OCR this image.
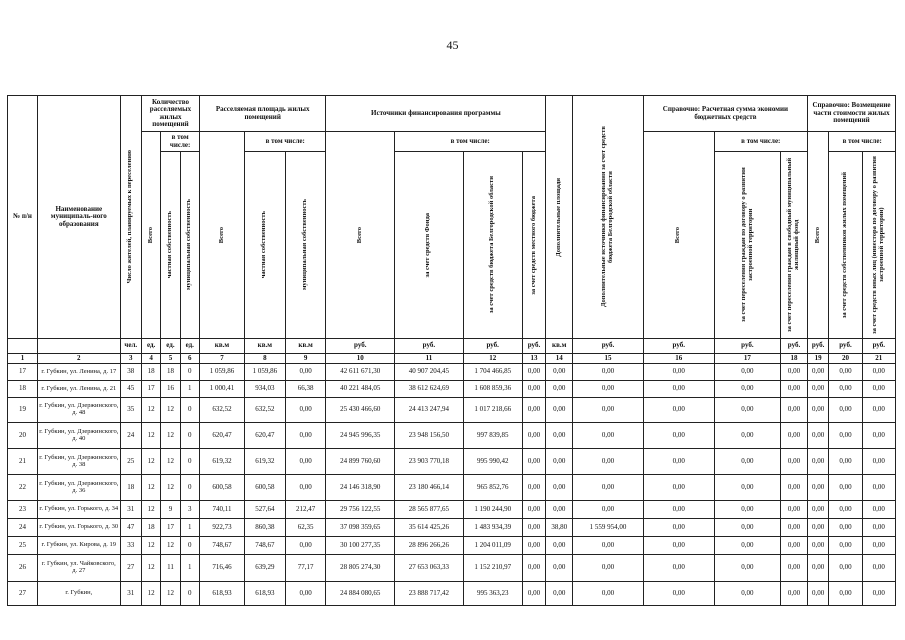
45
№ п/н	Наименование муниципаль-ного образования	Число жителей, планируемых к переселению	Количество расселяемых жилых помещений			Расселяемая площадь жилых помещений			Источники финансирования программы				Дополнительные площади	Дополнительные источники финансирования за счет средств бюджета Белгородской области	Справочно: Расчетная сумма экономии бюджетных средств			Справочно: Возмещение части стоимости жилых помещений		

			Всего	в том числе:		Всего	в том числе:		Всего	в том числе:					Всего	в том числе:		Всего	в том числе:	

				частная собственность	муниципальная собственность		частная собственность	муниципальная собственность		за счет средств Фонда	за счет средств бюджета Белгородской области	за счет средств местного бюджета				за счет переселения граждан по договору о развитии застроенной территории	за счет переселения граждан в свободный муниципальный жилищный фонд		за счет средств собственников жилых помещений	за счет средств иных лиц (инвестора по договору о развитии застроенной территории)

		чел.	ед.	ед.	ед.	кв.м	кв.м	кв.м	руб.	руб.	руб.	руб.	кв.м	руб.	руб.	руб.	руб.	руб.	руб.	руб.
1	2	3	4	5	6	7	8	9	10	11	12	13	14	15	16	17	18	19	20	21
17	г. Губкин, ул. Ленина, д. 17	38	18	18	0	1 059,86	1 059,86	0,00	42 611 671,30	40 907 204,45	1 704 466,85	0,00	0,00	0,00	0,00	0,00	0,00	0,00	0,00	0,00
18	г. Губкин, ул. Ленина, д. 21	45	17	16	1	1 000,41	934,03	66,38	40 221 484,05	38 612 624,69	1 608 859,36	0,00	0,00	0,00	0,00	0,00	0,00	0,00	0,00	0,00
19	г. Губкин, ул. Дзержинского, д. 48	35	12	12	0	632,52	632,52	0,00	25 430 466,60	24 413 247,94	1 017 218,66	0,00	0,00	0,00	0,00	0,00	0,00	0,00	0,00	0,00
20	г. Губкин, ул. Дзержинского, д. 40	24	12	12	0	620,47	620,47	0,00	24 945 996,35	23 948 156,50	997 839,85	0,00	0,00	0,00	0,00	0,00	0,00	0,00	0,00	0,00
21	г. Губкин, ул. Дзержинского, д. 38	25	12	12	0	619,32	619,32	0,00	24 899 760,60	23 903 770,18	995 990,42	0,00	0,00	0,00	0,00	0,00	0,00	0,00	0,00	0,00
22	г. Губкин, ул. Дзержинского, д. 36	18	12	12	0	600,58	600,58	0,00	24 146 318,90	23 180 466,14	965 852,76	0,00	0,00	0,00	0,00	0,00	0,00	0,00	0,00	0,00
23	г. Губкин, ул. Горького, д. 34	31	12	9	3	740,11	527,64	212,47	29 756 122,55	28 565 877,65	1 190 244,90	0,00	0,00	0,00	0,00	0,00	0,00	0,00	0,00	0,00
24	г. Губкин, ул. Горького, д. 30	47	18	17	1	922,73	860,38	62,35	37 098 359,65	35 614 425,26	1 483 934,39	0,00	38,80	1 559 954,00	0,00	0,00	0,00	0,00	0,00	0,00
25	г. Губкин, ул. Кирова, д. 19	33	12	12	0	748,67	748,67	0,00	30 100 277,35	28 896 266,26	1 204 011,09	0,00	0,00	0,00	0,00	0,00	0,00	0,00	0,00	0,00
26	г. Губкин, ул. Чайковского, д. 27	27	12	11	1	716,46	639,29	77,17	28 805 274,30	27 653 063,33	1 152 210,97	0,00	0,00	0,00	0,00	0,00	0,00	0,00	0,00	0,00
27	г. Губкин,	31	12	12	0	618,93	618,93	0,00	24 884 080,65	23 888 717,42	995 363,23	0,00	0,00	0,00	0,00	0,00	0,00	0,00	0,00	0,00
